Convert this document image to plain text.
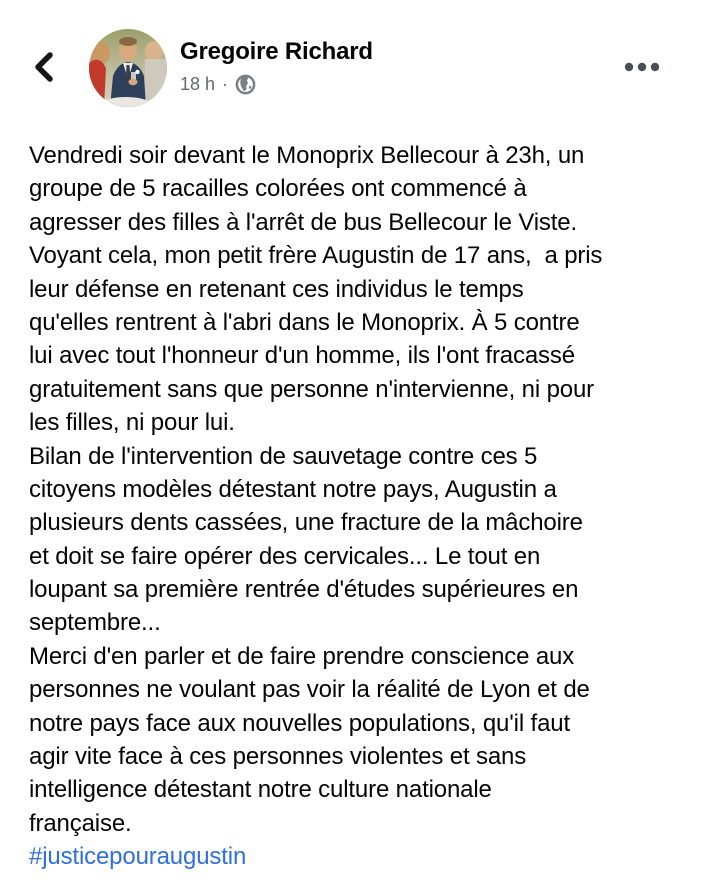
Gregoire Richard
18 h ·
Vendredi soir devant le Monoprix Bellecour à 23h, un
groupe de 5 racailles colorées ont commencé à
agresser des filles à l'arrêt de bus Bellecour le Viste.
Voyant cela, mon petit frère Augustin de 17 ans,  a pris
leur défense en retenant ces individus le temps
qu'elles rentrent à l'abri dans le Monoprix. À 5 contre
lui avec tout l'honneur d'un homme, ils l'ont fracassé
gratuitement sans que personne n'intervienne, ni pour
les filles, ni pour lui.
Bilan de l'intervention de sauvetage contre ces 5
citoyens modèles détestant notre pays, Augustin a
plusieurs dents cassées, une fracture de la mâchoire
et doit se faire opérer des cervicales... Le tout en
loupant sa première rentrée d'études supérieures en
septembre...
Merci d'en parler et de faire prendre conscience aux
personnes ne voulant pas voir la réalité de Lyon et de
notre pays face aux nouvelles populations, qu'il faut
agir vite face à ces personnes violentes et sans
intelligence détestant notre culture nationale
française.
#justicepouraugustin
